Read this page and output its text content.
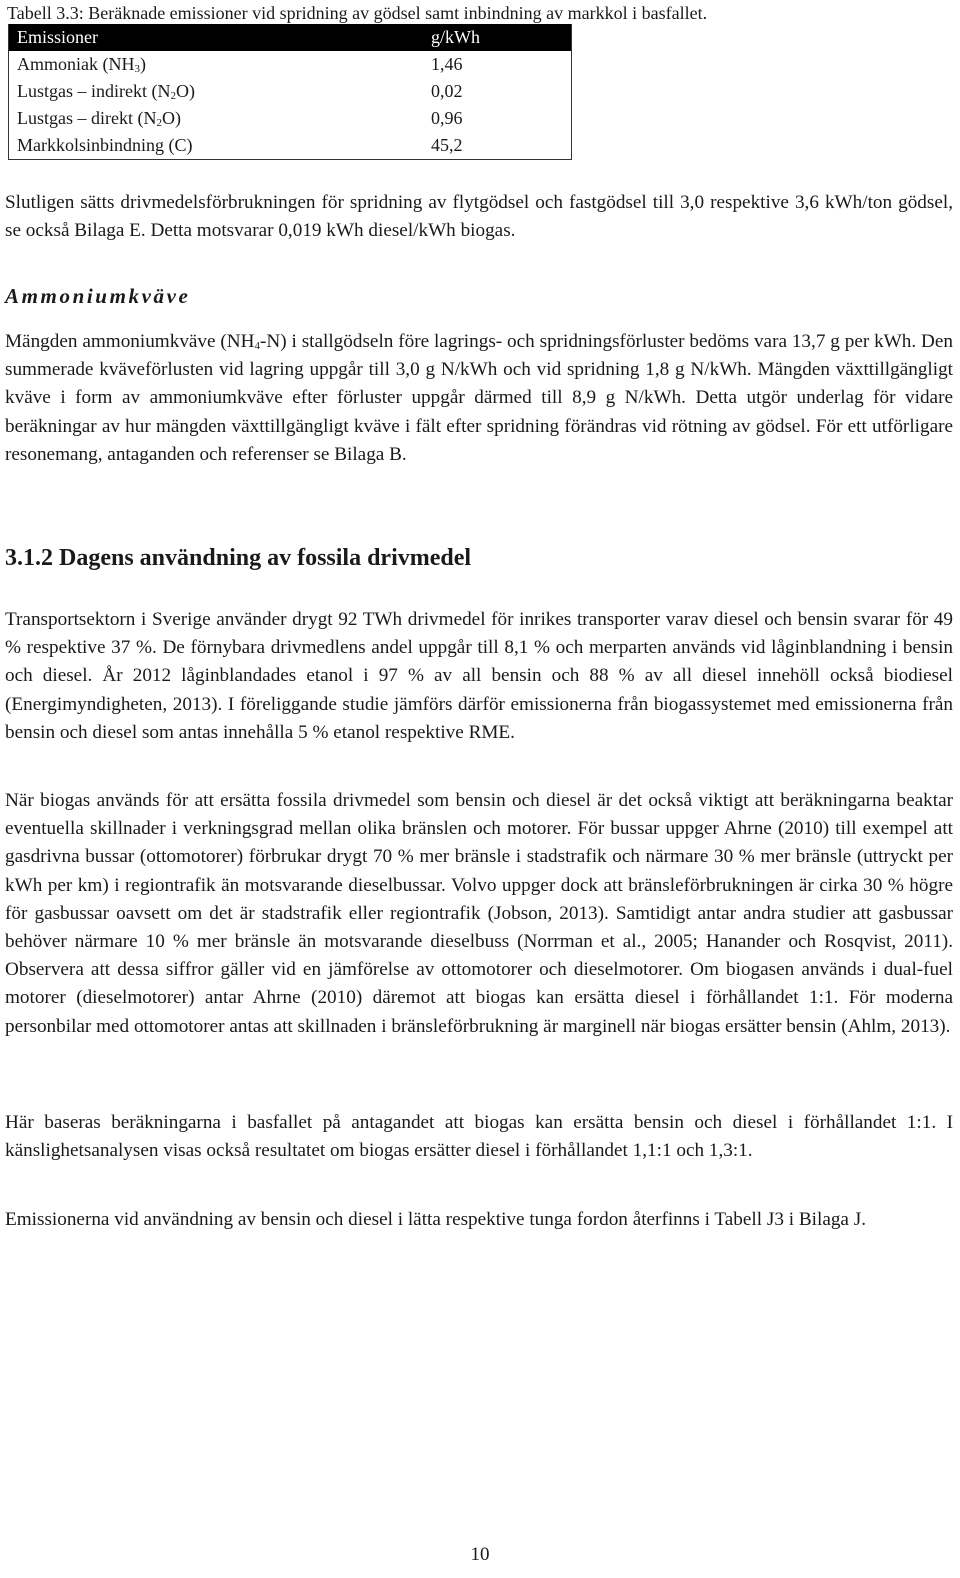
Tabell 3.3: Beräknade emissioner vid spridning av gödsel samt inbindning av markkol i basfallet.
Emissioner	g/kWh
Ammoniak $(NH_3)$	1,46
Lustgas – indirekt $(N_2O)$	0,02
Lustgas – direkt $(N_2O)$	0,96
Markkolsinbindning (C)	45,2

Slutligen sätts drivmedelsförbrukningen för spridning av flytgödsel och fastgödsel till 3,0 respektive 3,6 kWh/ton gödsel, se också Bilaga E. Detta motsvarar 0,019 kWh diesel/kWh biogas.

Ammoniumkväve

Mängden ammoniumkväve $(NH_4-N)$ i stallgödseln före lagrings- och spridningsförluster bedöms vara 13,7 g per kWh. Den summerade kväveförlusten vid lagring uppgår till 3,0 g N/kWh och vid spridning 1,8 g N/kWh. Mängden växttillgängligt kväve i form av ammoniumkväve efter förluster uppgår därmed till 8,9 g N/kWh. Detta utgör underlag för vidare beräkningar av hur mängden växttillgängligt kväve i fält efter spridning förändras vid rötning av gödsel. För ett utförligare resonemang, antaganden och referenser se Bilaga B.

3.1.2 Dagens användning av fossila drivmedel

Transportsektorn i Sverige använder drygt 92 TWh drivmedel för inrikes transporter varav diesel och bensin svarar för 49 % respektive 37 %. De förnybara drivmedlens andel uppgår till 8,1 % och merparten används vid låginblandning i bensin och diesel. År 2012 låginblandades etanol i 97 % av all bensin och 88 % av all diesel innehöll också biodiesel (Energimyndigheten, 2013). I föreliggande studie jämförs därför emissionerna från biogassystemet med emissionerna från bensin och diesel som antas innehålla 5 % etanol respektive RME.

När biogas används för att ersätta fossila drivmedel som bensin och diesel är det också viktigt att beräkningarna beaktar eventuella skillnader i verkningsgrad mellan olika bränslen och motorer. För bussar uppger Ahrne (2010) till exempel att gasdrivna bussar (ottomotorer) förbrukar drygt 70 % mer bränsle i stadstrafik och närmare 30 % mer bränsle (uttryckt per kWh per km) i regiontrafik än motsvarande dieselbussar. Volvo uppger dock att bränsleförbrukningen är cirka 30 % högre för gasbussar oavsett om det är stadstrafik eller regiontrafik (Jobson, 2013). Samtidigt antar andra studier att gasbussar behöver närmare 10 % mer bränsle än motsvarande dieselbuss (Norrman et al., 2005; Hanander och Rosqvist, 2011). Observera att dessa siffror gäller vid en jämförelse av ottomotorer och dieselmotorer. Om biogasen används i dual-fuel motorer (dieselmotorer) antar Ahrne (2010) däremot att biogas kan ersätta diesel i förhållandet 1:1. För moderna personbilar med ottomotorer antas att skillnaden i bränsleförbrukning är marginell när biogas ersätter bensin (Ahlm, 2013).

Här baseras beräkningarna i basfallet på antagandet att biogas kan ersätta bensin och diesel i förhållandet 1:1. I känslighetsanalysen visas också resultatet om biogas ersätter diesel i förhållandet 1,1:1 och 1,3:1.

Emissionerna vid användning av bensin och diesel i lätta respektive tunga fordon återfinns i Tabell J3 i Bilaga J.

10
